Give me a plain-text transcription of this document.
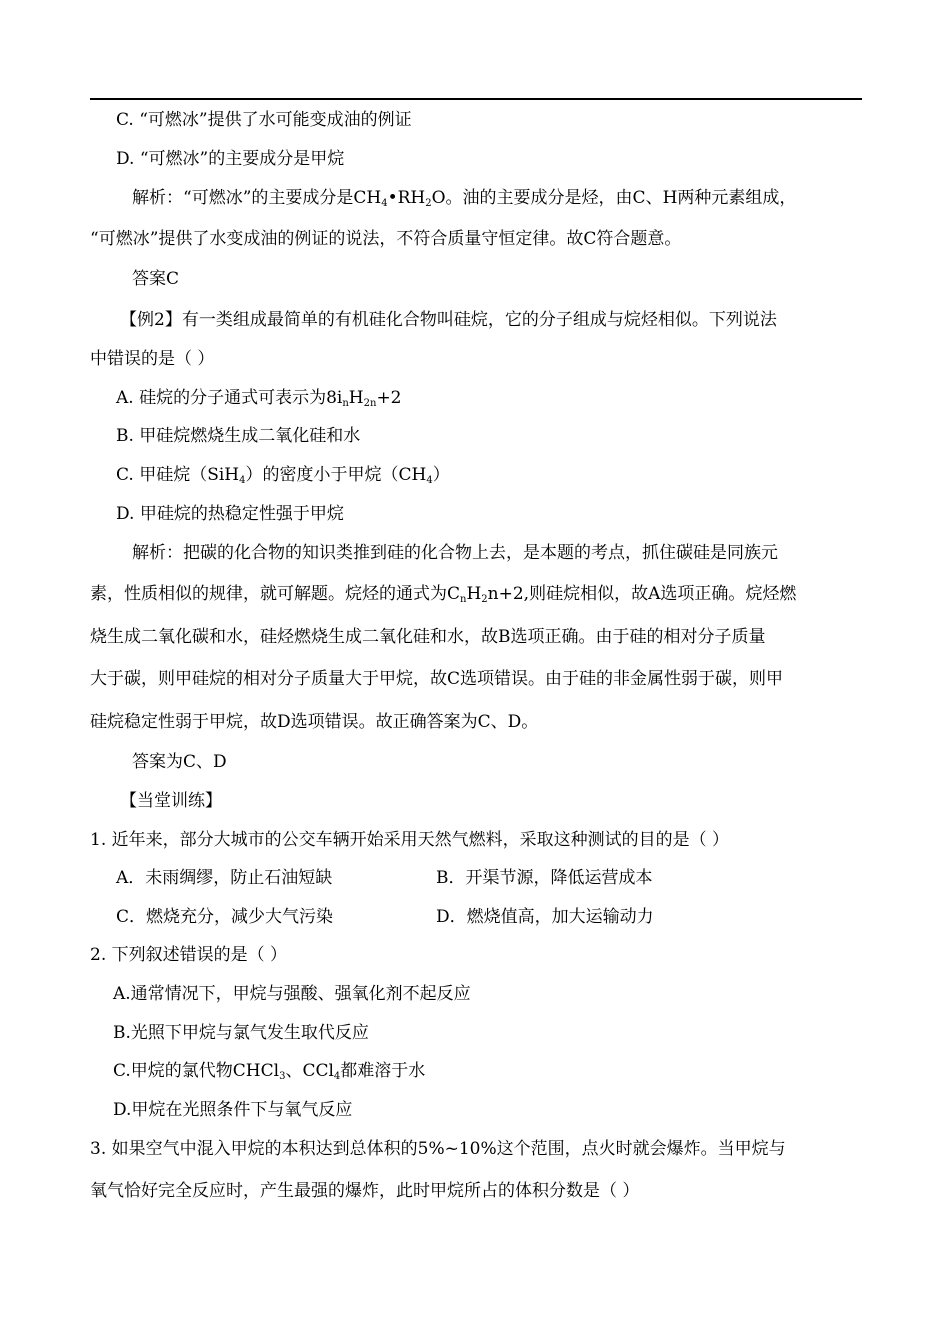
C. “可燃冰”提供了水可能变成油的例证
D. “可燃冰”的主要成分是甲烷
解析：“可燃冰”的主要成分是$CH_4•RH_2O$。油的主要成分是烃，由C、H两种元素组成，
“可燃冰”提供了水变成油的例证的说法，不符合质量守恒定律。故C符合题意。
答案C
【例2】有一类组成最简单的有机硅化合物叫硅烷，它的分子组成与烷烃相似。下列说法
中错误的是（ ）
A. 硅烷的分子通式可表示为$8i_nH_{2n}+2$
B. 甲硅烷燃烧生成二氧化硅和水
C. 甲硅烷（SiH$_4$）的密度小于甲烷$(CH_4)$
D. 甲硅烷的热稳定性强于甲烷
解析：把碳的化合物的知识类推到硅的化合物上去，是本题的考点，抓住碳硅是同族元
素，性质相似的规律，就可解题。烷烃的通式为$C_nH_2n+2$,则硅烷相似，故A选项正确。烷烃燃
烧生成二氧化碳和水，硅烃燃烧生成二氧化硅和水，故B选项正确。由于硅的相对分子质量
大于碳，则甲硅烷的相对分子质量大于甲烷，故C选项错误。由于硅的非金属性弱于碳，则甲
硅烷稳定性弱于甲烷，故D选项错误。故正确答案为C、D。
答案为C、D
【当堂训练】
1. 近年来，部分大城市的公交车辆开始采用天然气燃料，采取这种测试的目的是（ ）
A．未雨绸缪，防止石油短缺	B．开渠节源，降低运营成本
C．燃烧充分，减少大气污染	D．燃烧值高，加大运输动力
2. 下列叙述错误的是（ ）
A.通常情况下，甲烷与强酸、强氧化剂不起反应
B.光照下甲烷与氯气发生取代反应
C.甲烷的氯代物CHCl$_3$、CCl$_4$都难溶于水
D.甲烷在光照条件下与氧气反应
3. 如果空气中混入甲烷的本积达到总体积的5%~10%这个范围，点火时就会爆炸。当甲烷与
氧气恰好完全反应时，产生最强的爆炸，此时甲烷所占的体积分数是（ ）
